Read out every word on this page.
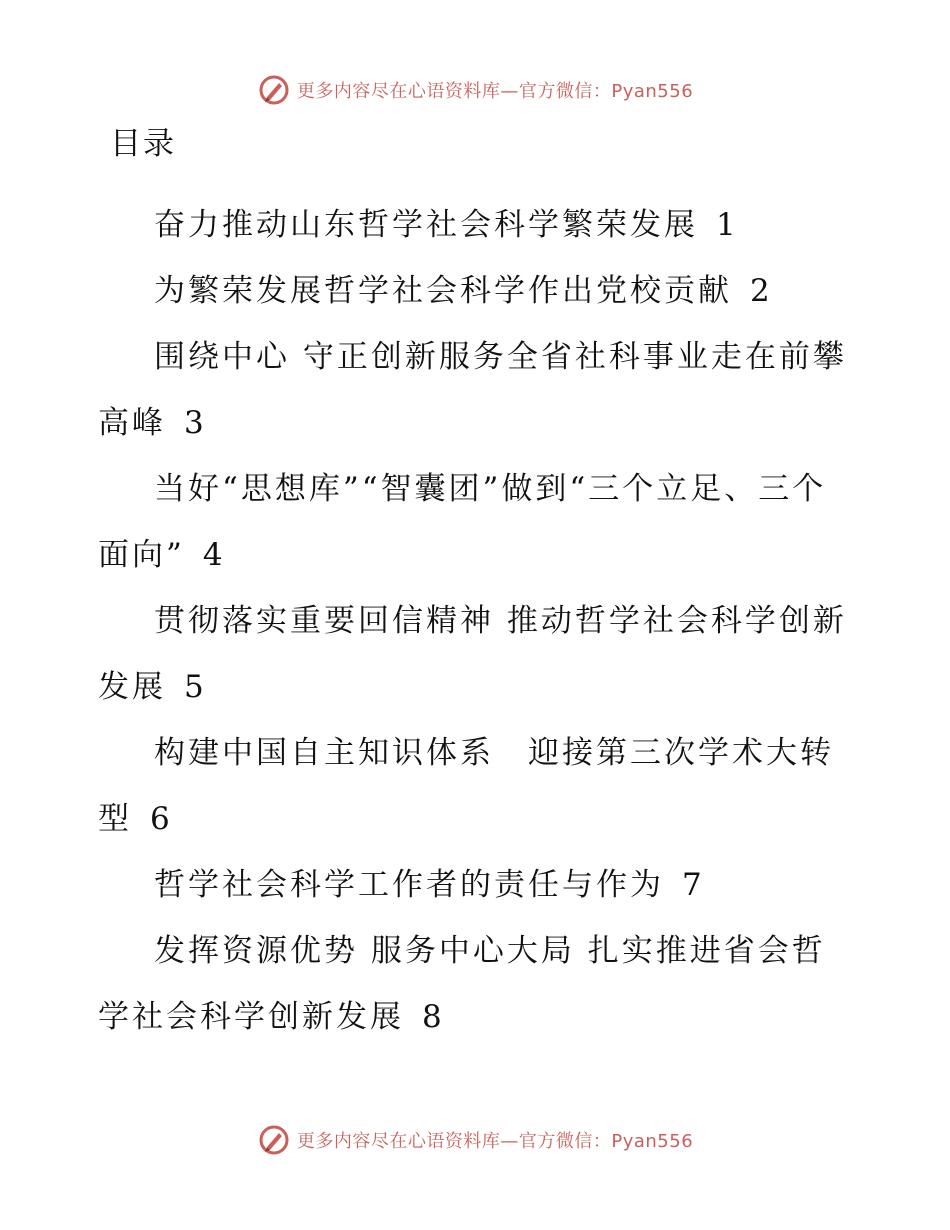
更多内容尽在心语资料库—官方微信：Pyan556
目录
奋力推动山东哲学社会科学繁荣发展 1
为繁荣发展哲学社会科学作出党校贡献 2
围绕中心 守正创新服务全省社科事业走在前攀高峰 3
当好“思想库”“智囊团”做到“三个立足、三个面向” 4
贯彻落实重要回信精神 推动哲学社会科学创新发展 5
构建中国自主知识体系　迎接第三次学术大转型 6
哲学社会科学工作者的责任与作为 7
发挥资源优势 服务中心大局 扎实推进省会哲学社会科学创新发展 8
更多内容尽在心语资料库—官方微信：Pyan556
